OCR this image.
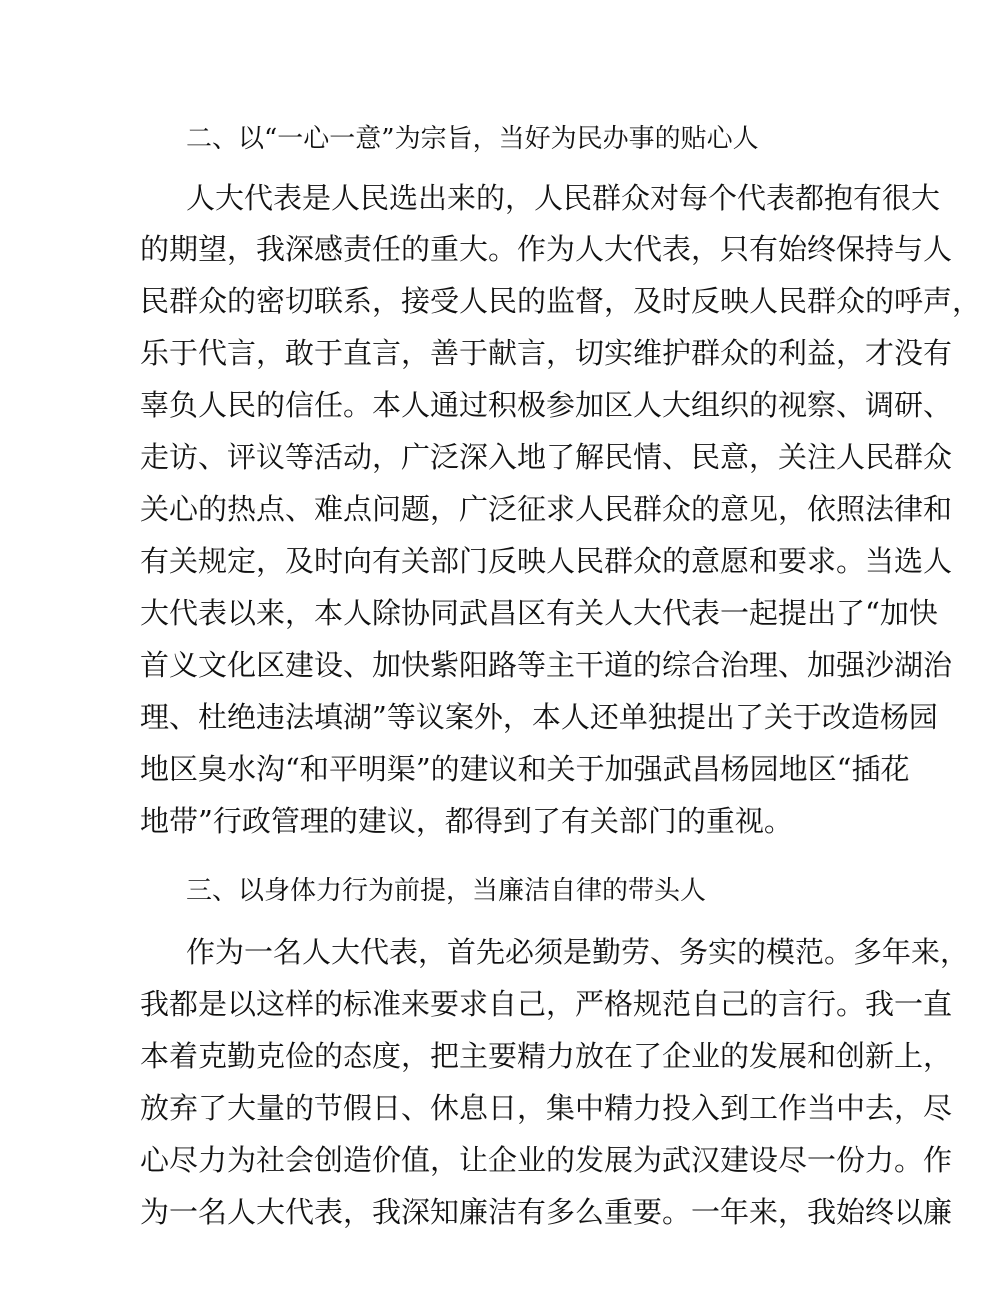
二、以“一心一意”为宗旨，当好为民办事的贴心人
人大代表是人民选出来的，人民群众对每个代表都抱有很大
的期望，我深感责任的重大。作为人大代表，只有始终保持与人
民群众的密切联系，接受人民的监督，及时反映人民群众的呼声，
乐于代言，敢于直言，善于献言，切实维护群众的利益，才没有
辜负人民的信任。本人通过积极参加区人大组织的视察、调研、
走访、评议等活动，广泛深入地了解民情、民意，关注人民群众
关心的热点、难点问题，广泛征求人民群众的意见，依照法律和
有关规定，及时向有关部门反映人民群众的意愿和要求。当选人
大代表以来，本人除协同武昌区有关人大代表一起提出了“加快
首义文化区建设、加快紫阳路等主干道的综合治理、加强沙湖治
理、杜绝违法填湖”等议案外，本人还单独提出了关于改造杨园
地区臭水沟“和平明渠”的建议和关于加强武昌杨园地区“插花
地带”行政管理的建议，都得到了有关部门的重视。
三、以身体力行为前提，当廉洁自律的带头人
作为一名人大代表，首先必须是勤劳、务实的模范。多年来，
我都是以这样的标准来要求自己，严格规范自己的言行。我一直
本着克勤克俭的态度，把主要精力放在了企业的发展和创新上，
放弃了大量的节假日、休息日，集中精力投入到工作当中去，尽
心尽力为社会创造价值，让企业的发展为武汉建设尽一份力。作
为一名人大代表，我深知廉洁有多么重要。一年来，我始终以廉
